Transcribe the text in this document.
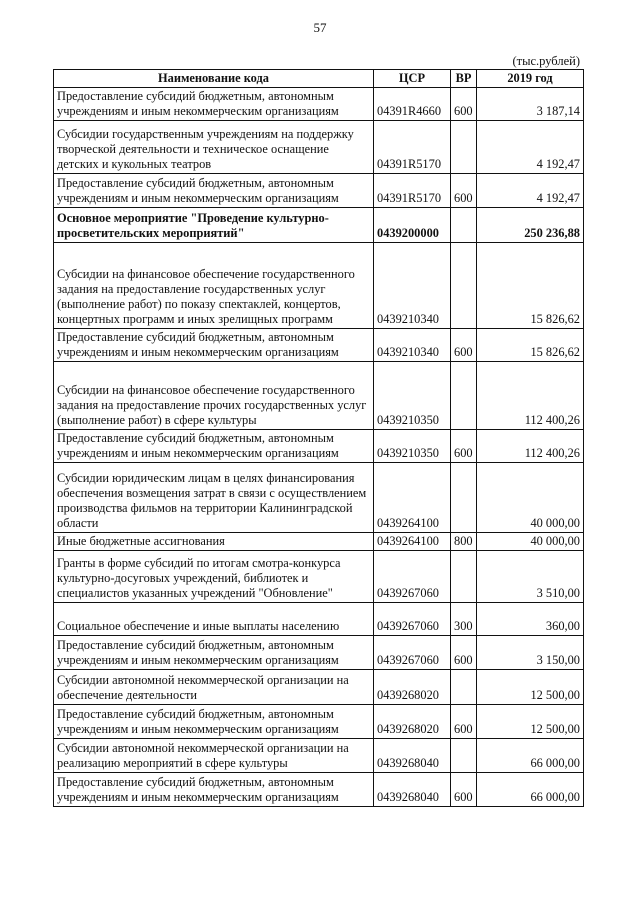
57
(тыс.рублей)
Наименование кода	ЦСР	ВР	2019 год
Предоставление субсидий бюджетным, автономным учреждениям и иным некоммерческим организациям	04391R4660	600	3 187,14
Субсидии государственным учреждениям на поддержку творческой деятельности и техническое оснащение детских и кукольных театров	04391R5170		4 192,47
Предоставление субсидий бюджетным, автономным учреждениям и иным некоммерческим организациям	04391R5170	600	4 192,47
Основное мероприятие "Проведение культурно-просветительских мероприятий"	0439200000		250 236,88
Субсидии на финансовое обеспечение государственного задания на предоставление государственных услуг (выполнение работ) по показу спектаклей, концертов, концертных программ и иных зрелищных программ	0439210340		15 826,62
Предоставление субсидий бюджетным, автономным учреждениям и иным некоммерческим организациям	0439210340	600	15 826,62
Субсидии на финансовое обеспечение государственного задания на предоставление прочих государственных услуг (выполнение работ) в сфере культуры	0439210350		112 400,26
Предоставление субсидий бюджетным, автономным учреждениям и иным некоммерческим организациям	0439210350	600	112 400,26
Субсидии юридическим лицам в целях финансирования обеспечения возмещения затрат в связи с осуществлением производства фильмов на территории Калининградской области	0439264100		40 000,00
Иные бюджетные ассигнования	0439264100	800	40 000,00
Гранты в форме субсидий по итогам смотра-конкурса культурно-досуговых учреждений, библиотек и специалистов указанных учреждений "Обновление"	0439267060		3 510,00
Социальное обеспечение и иные выплаты населению	0439267060	300	360,00
Предоставление субсидий бюджетным, автономным учреждениям и иным некоммерческим организациям	0439267060	600	3 150,00
Субсидии автономной некоммерческой организации на обеспечение деятельности	0439268020		12 500,00
Предоставление субсидий бюджетным, автономным учреждениям и иным некоммерческим организациям	0439268020	600	12 500,00
Субсидии автономной некоммерческой организации на реализацию мероприятий в сфере культуры	0439268040		66 000,00
Предоставление субсидий бюджетным, автономным учреждениям и иным некоммерческим организациям	0439268040	600	66 000,00
